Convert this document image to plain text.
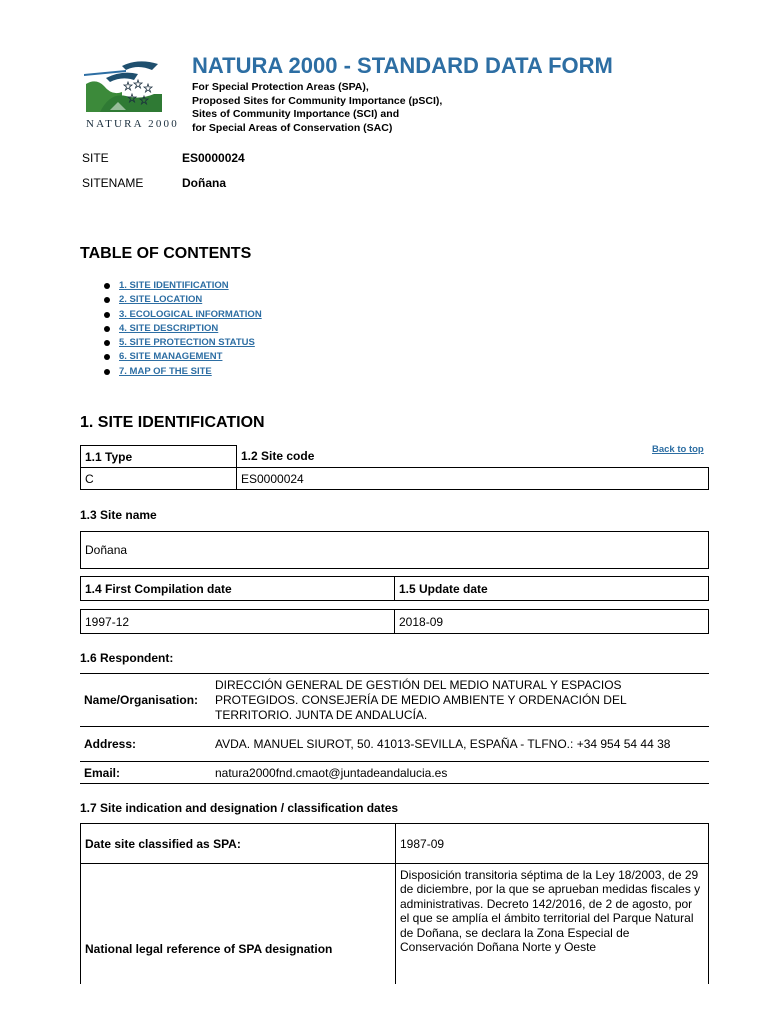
NATURA 2000
NATURA 2000 - STANDARD DATA FORM
For Special Protection Areas (SPA),
Proposed Sites for Community Importance (pSCI),
Sites of Community Importance (SCI) and
for Special Areas of Conservation (SAC)
SITE	ES0000024
SITENAME	Doñana
TABLE OF CONTENTS
1. SITE IDENTIFICATION
2. SITE LOCATION
3. ECOLOGICAL INFORMATION
4. SITE DESCRIPTION
5. SITE PROTECTION STATUS
6. SITE MANAGEMENT
7. MAP OF THE SITE
1. SITE IDENTIFICATION
Back to top
1.1 Type	1.2 Site code
C	ES0000024
1.3 Site name
Doñana
1.4 First Compilation date	1.5 Update date
1997-12	2018-09
1.6 Respondent:
Name/Organisation:	DIRECCIÓN GENERAL DE GESTIÓN DEL MEDIO NATURAL Y ESPACIOS PROTEGIDOS. CONSEJERÍA DE MEDIO AMBIENTE Y ORDENACIÓN DEL TERRITORIO. JUNTA DE ANDALUCÍA.
Address:	AVDA. MANUEL SIUROT, 50. 41013-SEVILLA, ESPAÑA - TLFNO.: +34 954 54 44 38
Email:	natura2000fnd.cmaot@juntadeandalucia.es
1.7 Site indication and designation / classification dates
Date site classified as SPA:	1987-09
National legal reference of SPA designation	Disposición transitoria séptima de la Ley 18/2003, de 29 de diciembre, por la que se aprueban medidas fiscales y administrativas. Decreto 142/2016, de 2 de agosto, por el que se amplía el ámbito territorial del Parque Natural de Doñana, se declara la Zona Especial de Conservación Doñana Norte y Oeste
